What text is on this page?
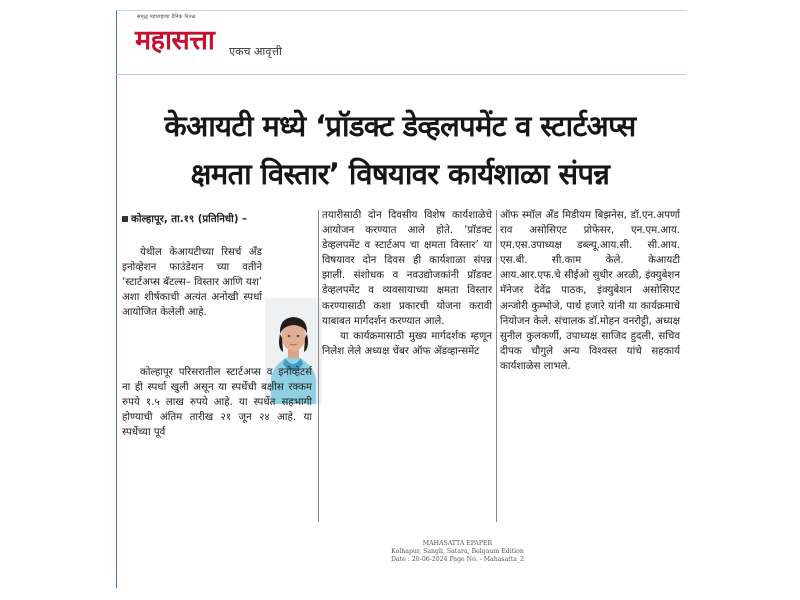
समृद्ध महाराष्ट्राचा दैनिक नितळ
महासत्ता एकच आवृत्ती
केआयटी मध्ये ‘प्रॉडक्ट डेव्हलपमेंट व स्टार्टअप्स
क्षमता विस्तार’ विषयावर कार्यशाळा संपन्न
कोल्हापूर, ता.१९ (प्रतिनिधी) –

येथील केआयटीच्या रिसर्च अँड इनोव्हेशन फाउंडेशन च्या वतीने ‘स्टार्टअप्स बॅटल्स– विस्तार आणि यश’ अशा शीर्षकाची अत्यंत अनोखी स्पर्धा आयोजित केलेली आहे.

कोल्हापूर परिसरातील स्टार्टअप्स व इनोव्हेटर्स ना ही स्पर्धा खुली असून या स्पर्धेची बक्षीस रक्कम रुपये १.५ लाख रुपये आहे. या स्पर्धेत सहभागी होण्याची अंतिम तारीख २१ जून २४ आहे. या स्पर्धेच्या पूर्व

तयारीसाठी दोन दिवसीय विशेष कार्यशाळेचे आयोजन करण्यात आले होते. ‘प्रॉडक्ट डेव्हलपमेंट व स्टार्टअप चा क्षमता विस्तार’ या विषयावर दोन दिवस ही कार्यशाळा संपन्न झाली. संशोधक व नवउद्योजकांनी प्रॉडक्ट डेव्हलपमेंट व व्यवसायाच्या क्षमता विस्तार करण्यासाठी कशा प्रकारची योजना करावी याबाबत मार्गदर्शन करण्यात आले.

या कार्यक्रमासाठी मुख्य मार्गदर्शक म्हणून निलेश लेले अध्यक्ष चेंबर ऑफ ॲडव्हान्समेंट

ऑफ स्मॉल अँड मिडीयम बिझनेस, डॉ.एन.अपर्णा राव असोसिएट प्रोफेसर, एन.एम.आय. एम.एस.उपाध्यक्ष डब्ल्यू.आय.सी. सी.आय. एस.बी. सी.काम केले. केआयटी आय.आर.एफ.चे सीईओ सुधीर अरळी, इंक्युबेशन मॅनेजर देवेंद्र पाठक, इंक्युबेशन असोसिएट अन्जोरी कुम्भोजे, पार्थ हजारे यांनी या कार्यक्रमाचे नियोजन केले. संचालक डॉ.मोहन वनरोट्टी, अध्यक्ष सुनील कुलकर्णी, उपाध्यक्ष साजिद हुदली, सचिव दीपक चौगुले अन्य विश्वस्त यांचे सहकार्य कार्यशाळेस लाभले.

MAHASATTA EPAPER
Kolhapur, Sangli, Satara, Belgaum Edition
Date : 20-06-2024 Page No. - Mahasatta_2
